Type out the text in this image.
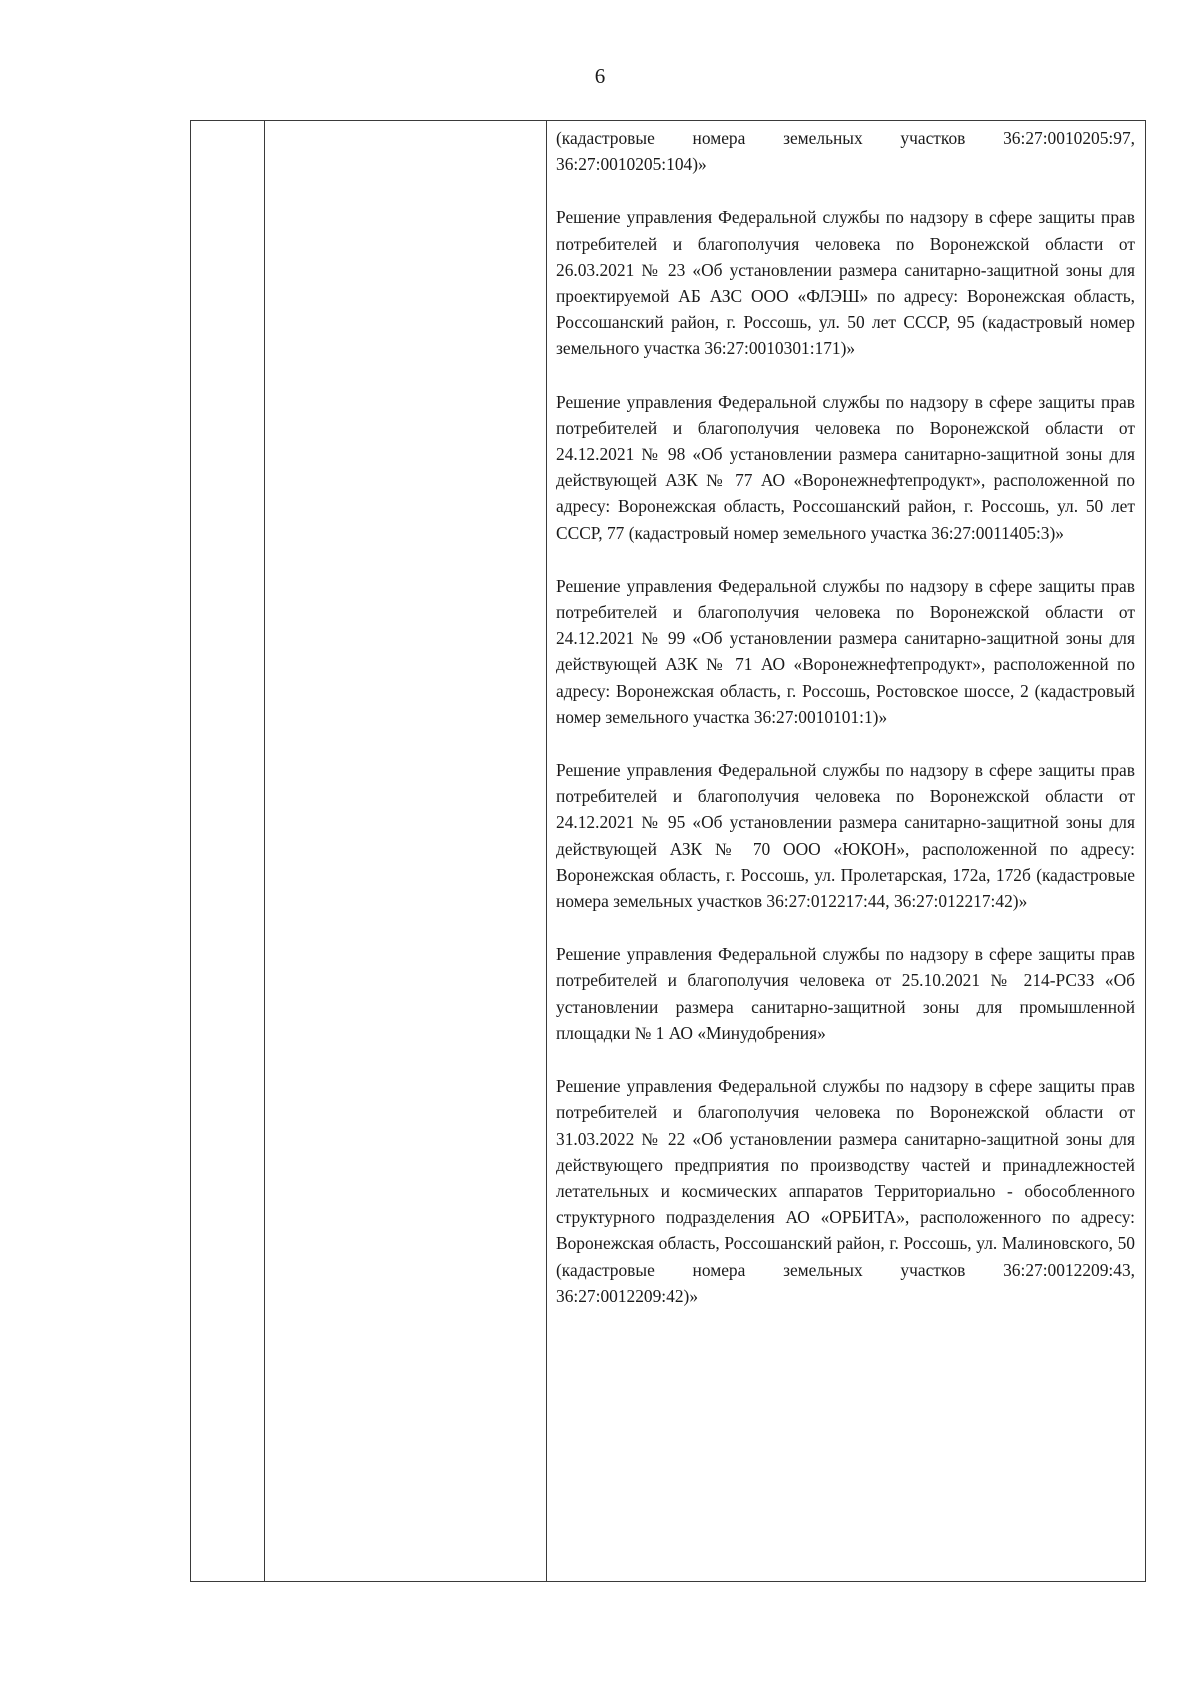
6

(кадастровые номера земельных участков 36:27:0010205:97, 36:27:0010205:104)»

Решение управления Федеральной службы по надзору в сфере защиты прав потребителей и благополучия человека по Воронежской области от 26.03.2021 № 23 «Об установлении размера санитарно-защитной зоны для проектируемой АБ АЗС ООО «ФЛЭШ» по адресу: Воронежская область, Россошанский район, г. Россошь, ул. 50 лет СССР, 95 (кадастровый номер земельного участка 36:27:0010301:171)»

Решение управления Федеральной службы по надзору в сфере защиты прав потребителей и благополучия человека по Воронежской области от 24.12.2021 № 98 «Об установлении размера санитарно-защитной зоны для действующей АЗК № 77 АО «Воронежнефтепродукт», расположенной по адресу: Воронежская область, Россошанский район, г. Россошь, ул. 50 лет СССР, 77 (кадастровый номер земельного участка 36:27:0011405:3)»

Решение управления Федеральной службы по надзору в сфере защиты прав потребителей и благополучия человека по Воронежской области от 24.12.2021 № 99 «Об установлении размера санитарно-защитной зоны для действующей АЗК № 71 АО «Воронежнефтепродукт», расположенной по адресу: Воронежская область, г. Россошь, Ростовское шоссе, 2 (кадастровый номер земельного участка 36:27:0010101:1)»

Решение управления Федеральной службы по надзору в сфере защиты прав потребителей и благополучия человека по Воронежской области от 24.12.2021 № 95 «Об установлении размера санитарно-защитной зоны для действующей АЗК № 70 ООО «ЮКОН», расположенной по адресу: Воронежская область, г. Россошь, ул. Пролетарская, 172а, 172б (кадастровые номера земельных участков 36:27:012217:44, 36:27:012217:42)»

Решение управления Федеральной службы по надзору в сфере защиты прав потребителей и благополучия человека от 25.10.2021 № 214-РСЗЗ «Об установлении размера санитарно-защитной зоны для промышленной площадки № 1 АО «Минудобрения»

Решение управления Федеральной службы по надзору в сфере защиты прав потребителей и благополучия человека по Воронежской области от 31.03.2022 № 22 «Об установлении размера санитарно-защитной зоны для действующего предприятия по производству частей и принадлежностей летательных и космических аппаратов Территориально - обособленного структурного подразделения АО «ОРБИТА», расположенного по адресу: Воронежская область, Россошанский район, г. Россошь, ул. Малиновского, 50 (кадастровые номера земельных участков 36:27:0012209:43, 36:27:0012209:42)»
